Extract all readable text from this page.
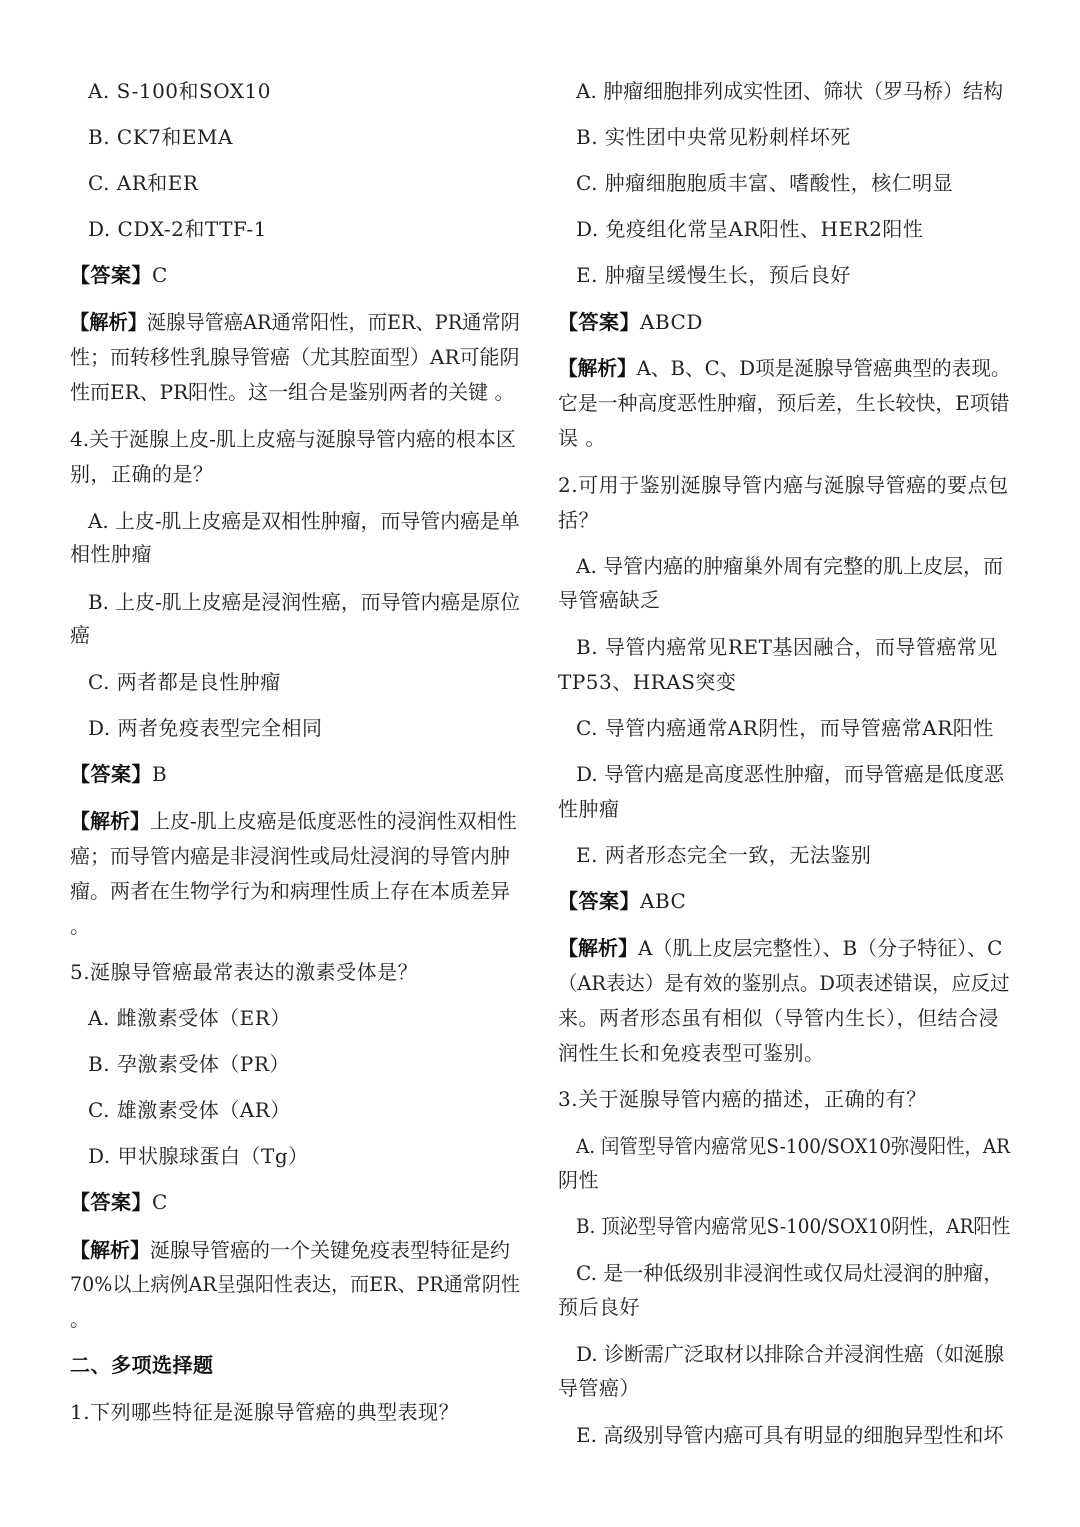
A. S-100和SOX10
B. CK7和EMA
C. AR和ER
D. CDX-2和TTF-1
【答案】C
【解析】涎腺导管癌AR通常阳性，而ER、PR通常阴
性；而转移性乳腺导管癌（尤其腔面型）AR可能阴
性而ER、PR阳性。这一组合是鉴别两者的关键 。
4.关于涎腺上皮-肌上皮癌与涎腺导管内癌的根本区
别，正确的是？
A. 上皮-肌上皮癌是双相性肿瘤，而导管内癌是单
相性肿瘤
B. 上皮-肌上皮癌是浸润性癌，而导管内癌是原位
癌
C. 两者都是良性肿瘤
D. 两者免疫表型完全相同
【答案】B
【解析】上皮-肌上皮癌是低度恶性的浸润性双相性
癌；而导管内癌是非浸润性或局灶浸润的导管内肿
瘤。两者在生物学行为和病理性质上存在本质差异
。
5.涎腺导管癌最常表达的激素受体是？
A. 雌激素受体（ER）
B. 孕激素受体（PR）
C. 雄激素受体（AR）
D. 甲状腺球蛋白（Tg）
【答案】C
【解析】涎腺导管癌的一个关键免疫表型特征是约
70%以上病例AR呈强阳性表达，而ER、PR通常阴性
。
二、多项选择题
1.下列哪些特征是涎腺导管癌的典型表现？
A. 肿瘤细胞排列成实性团、筛状（罗马桥）结构
B. 实性团中央常见粉刺样坏死
C. 肿瘤细胞胞质丰富、嗜酸性，核仁明显
D. 免疫组化常呈AR阳性、HER2阳性
E. 肿瘤呈缓慢生长，预后良好
【答案】ABCD
【解析】A、B、C、D项是涎腺导管癌典型的表现。
它是一种高度恶性肿瘤，预后差，生长较快，E项错
误 。
2.可用于鉴别涎腺导管内癌与涎腺导管癌的要点包
括？
A. 导管内癌的肿瘤巢外周有完整的肌上皮层，而
导管癌缺乏
B. 导管内癌常见RET基因融合，而导管癌常见
TP53、HRAS突变
C. 导管内癌通常AR阴性，而导管癌常AR阳性
D. 导管内癌是高度恶性肿瘤，而导管癌是低度恶
性肿瘤
E. 两者形态完全一致，无法鉴别
【答案】ABC
【解析】A（肌上皮层完整性）、B（分子特征）、C
（AR表达）是有效的鉴别点。D项表述错误，应反过
来。两者形态虽有相似（导管内生长），但结合浸
润性生长和免疫表型可鉴别。
3.关于涎腺导管内癌的描述，正确的有？
A. 闰管型导管内癌常见S-100/SOX10弥漫阳性，AR
阴性
B. 顶泌型导管内癌常见S-100/SOX10阴性，AR阳性
C. 是一种低级别非浸润性或仅局灶浸润的肿瘤，
预后良好
D. 诊断需广泛取材以排除合并浸润性癌（如涎腺
导管癌）
E. 高级别导管内癌可具有明显的细胞异型性和坏
